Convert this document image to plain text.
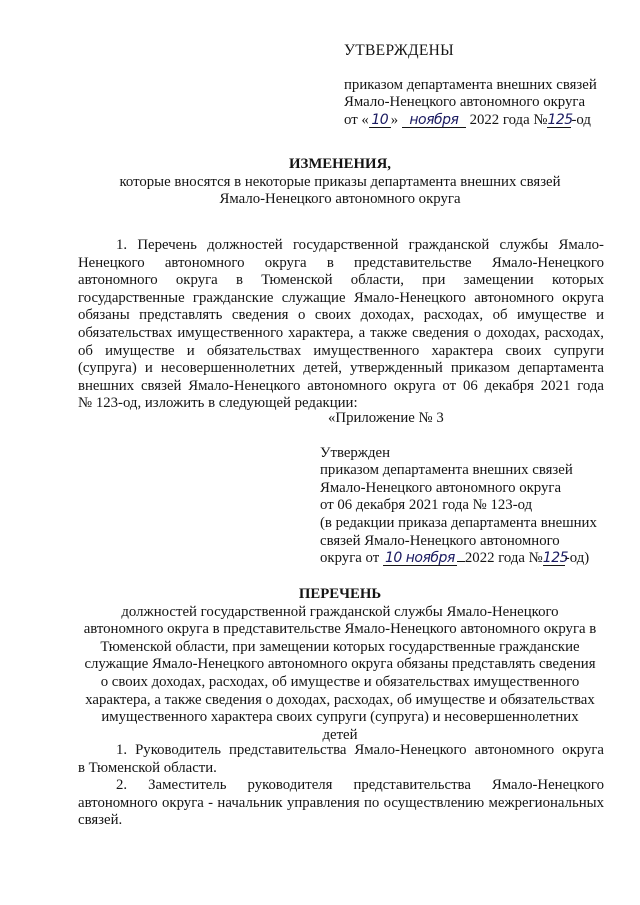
УТВЕРЖДЕНЫ
приказом департамента внешних связей
Ямало-Ненецкого автономного округа
от « 10 » ноября 2022 года №125-од
ИЗМЕНЕНИЯ,
которые вносятся в некоторые приказы департамента внешних связей
Ямало-Ненецкого автономного округа
1. Перечень должностей государственной гражданской службы Ямало-
Ненецкого автономного округа в представительстве Ямало-Ненецкого
автономного округа в Тюменской области, при замещении которых
государственные гражданские служащие Ямало-Ненецкого автономного округа
обязаны представлять сведения о своих доходах, расходах, об имуществе и
обязательствах имущественного характера, а также сведения о доходах, расходах,
об имуществе и обязательствах имущественного характера своих супруги
(супруга) и несовершеннолетних детей, утвержденный приказом департамента
внешних связей Ямало-Ненецкого автономного округа от 06 декабря 2021 года
№ 123-од, изложить в следующей редакции:
«Приложение № 3
Утвержден
приказом департамента внешних связей
Ямало-Ненецкого автономного округа
от 06 декабря 2021 года № 123-од
(в редакции приказа департамента внешних
связей Ямало-Ненецкого автономного
округа от 10 ноября 2022 года №125-од)
ПЕРЕЧЕНЬ
должностей государственной гражданской службы Ямало-Ненецкого
автономного округа в представительстве Ямало-Ненецкого автономного округа в
Тюменской области, при замещении которых государственные гражданские
служащие Ямало-Ненецкого автономного округа обязаны представлять сведения
о своих доходах, расходах, об имуществе и обязательствах имущественного
характера, а также сведения о доходах, расходах, об имуществе и обязательствах
имущественного характера своих супруги (супруга) и несовершеннолетних
детей
1. Руководитель представительства Ямало-Ненецкого автономного округа
в Тюменской области.
2. Заместитель руководителя представительства Ямало-Ненецкого
автономного округа - начальник управления по осуществлению межрегиональных
связей.
